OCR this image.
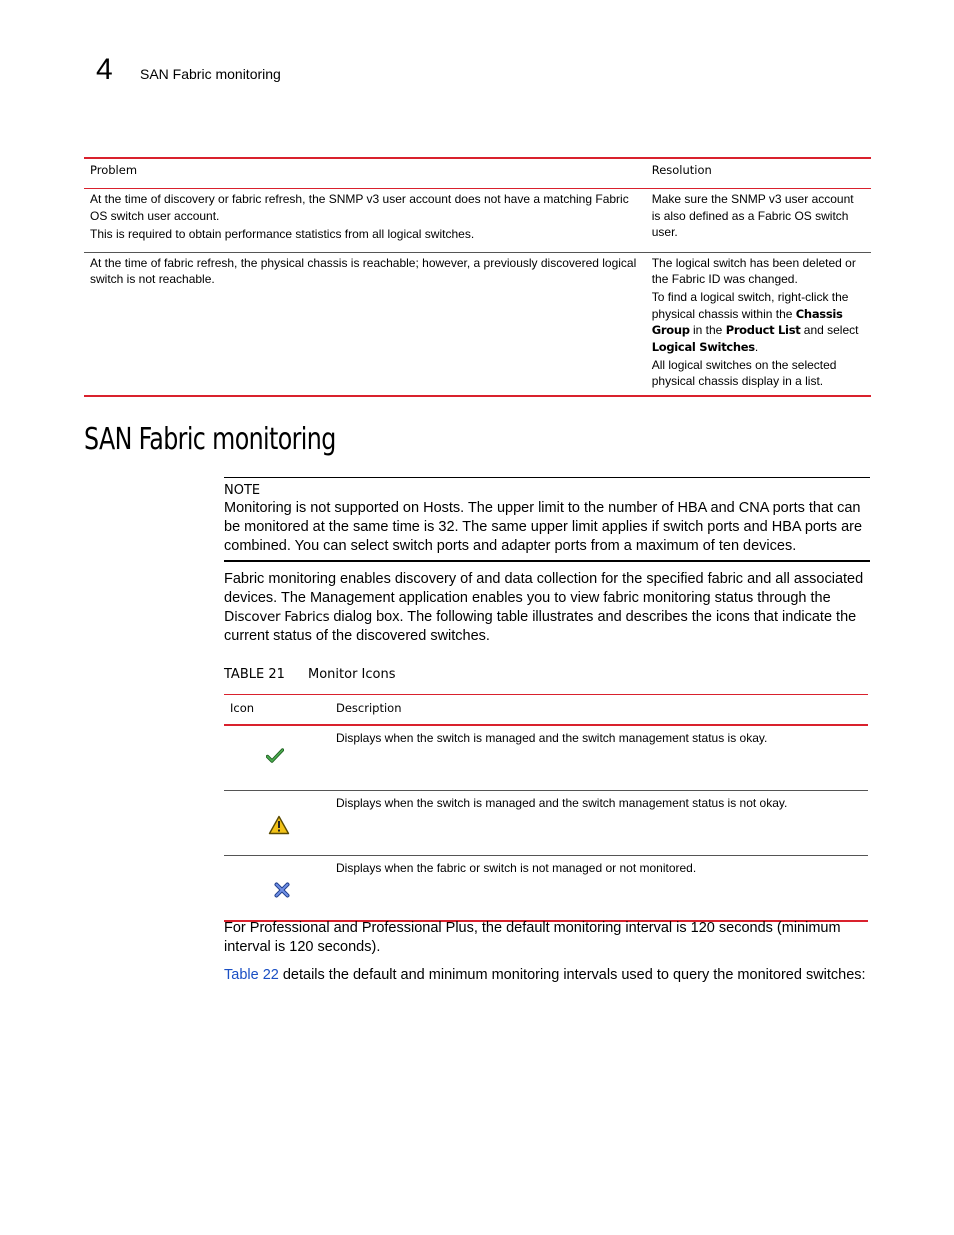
4 SAN Fabric monitoring
Problem	Resolution

At the time of discovery or fabric refresh, the SNMP v3 user account does not have a matching Fabric OS switch user account.

This is required to obtain performance statistics from all logical switches.	Make sure the SNMP v3 user account is also defined as a Fabric OS switch user.

At the time of fabric refresh, the physical chassis is reachable; however, a previously discovered logical switch is not reachable.	The logical switch has been deleted or the Fabric ID was changed.

To find a logical switch, right-click the physical chassis within the Chassis Group in the Product List and select Logical Switches.

All logical switches on the selected physical chassis display in a list.

SAN Fabric monitoring
NOTE
Monitoring is not supported on Hosts. The upper limit to the number of HBA and CNA ports that can be monitored at the same time is 32. The same upper limit applies if switch ports and HBA ports are combined. You can select switch ports and adapter ports from a maximum of ten devices.

Fabric monitoring enables discovery of and data collection for the specified fabric and all associated devices. The Management application enables you to view fabric monitoring status through the Discover Fabrics dialog box. The following table illustrates and describes the icons that indicate the current status of the discovered switches.

TABLE 21 Monitor Icons
Icon	Description

	Displays when the switch is managed and the switch management status is okay.

	Displays when the switch is managed and the switch management status is not okay.

	Displays when the fabric or switch is not managed or not monitored.

For Professional and Professional Plus, the default monitoring interval is 120 seconds (minimum interval is 120 seconds).

Table 22 details the default and minimum monitoring intervals used to query the monitored switches:
